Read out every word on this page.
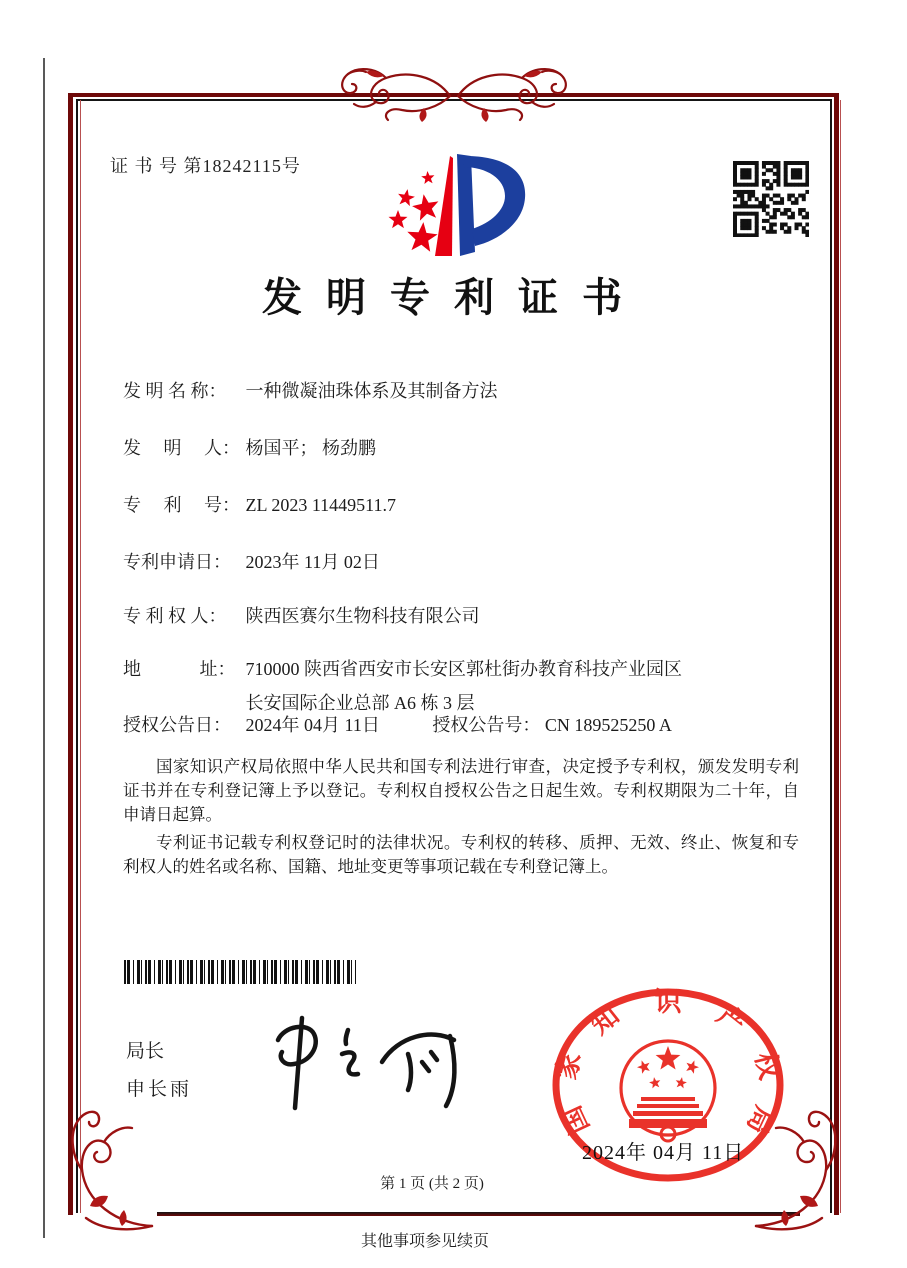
证 书 号 第18242115号
发明专利证书
发 明 名 称： 一种微凝油珠体系及其制备方法
发　 明　 人： 杨国平； 杨劲鹏
专　 利　 号： ZL 2023 11449511.7
专利申请日： 2023年 11月 02日
专 利 权 人： 陕西医赛尔生物科技有限公司
地　　　 址： 710000 陕西省西安市长安区郭杜街办教育科技产业园区
长安国际企业总部 A6 栋 3 层
授权公告日： 2024年 04月 11日	授权公告号： CN 189525250 A
国家知识产权局依照中华人民共和国专利法进行审查，决定授予专利权，颁发发明专利证书并在专利登记簿上予以登记。专利权自授权公告之日起生效。专利权期限为二十年，自申请日起算。
专利证书记载专利权登记时的法律状况。专利权的转移、质押、无效、终止、恢复和专利权人的姓名或名称、国籍、地址变更等事项记载在专利登记簿上。
局长
申长雨
国
家
知 识 产
权
局
2024年 04月 11日
第 1 页 (共 2 页)
其他事项参见续页
